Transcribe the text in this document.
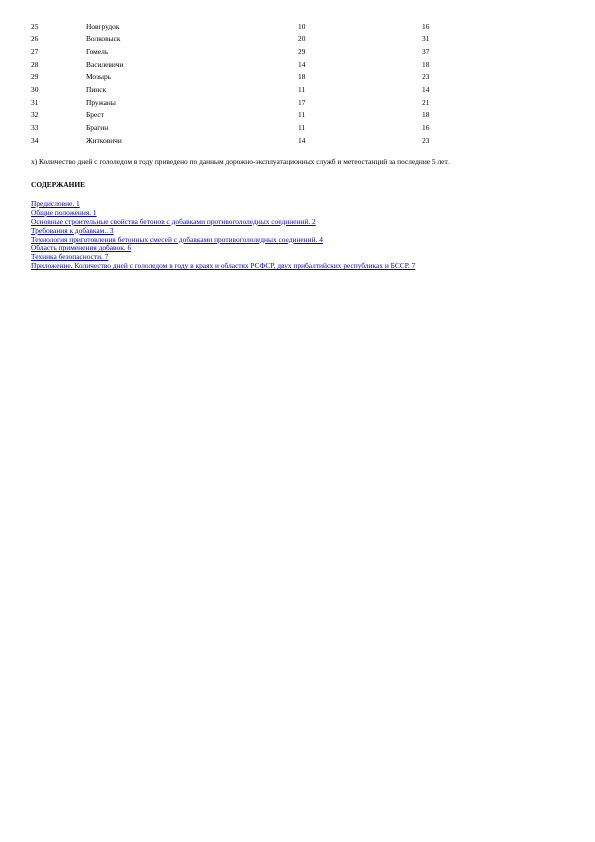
25	Новгрудок	10	16
26	Волковыск	20	31
27	Гомель	29	37
28	Василевичи	14	18
29	Мозырь	18	23
30	Пинск	11	14
31	Пружаны	17	21
32	Брест	11	18
33	Брагин	11	16
34	Житковичи	14	23
х) Количество дней с гололедом в году приведено по данным дорожно-эксплуатационных служб и метеостанций за последние 5 лет.
СОДЕРЖАНИЕ
Предисловие. 1
Общие положения. 1
Основные строительные свойства бетонов с добавками противогололедных соединений. 2
Требования к добавкам.. 3
Технология приготовления бетонных смесей с добавками противогололедных соединений. 4
Область применения добавок. 6
Техника безопасности. 7
Приложение. Количество дней с гололедом в году в краях и областях РСФСР, двух прибалтийских республиках и БССР. 7
